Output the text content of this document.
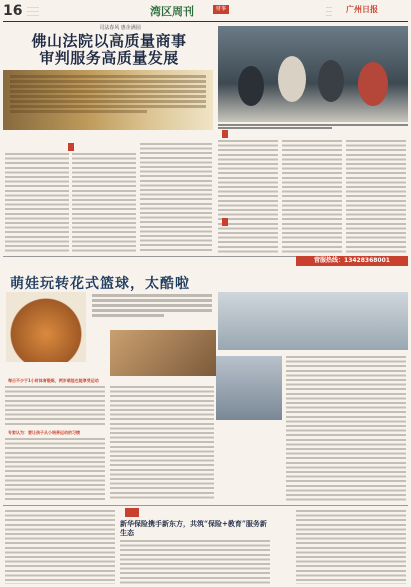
16 ————
————
————	湾区周刊	财事	——
——
——
广州日报
司法春风 惠企满园
佛山法院以高质量商事
审判服务高质量发展
营服热线：13428368001
萌娃玩转花式篮球，太酷啦
每日不少于1小时体育锻炼，两岁萌娃也能享受运动
专家认为：要让孩子从小培养运动的习惯
新华保险携手新东方，共筑“保险+教育”服务新生态
